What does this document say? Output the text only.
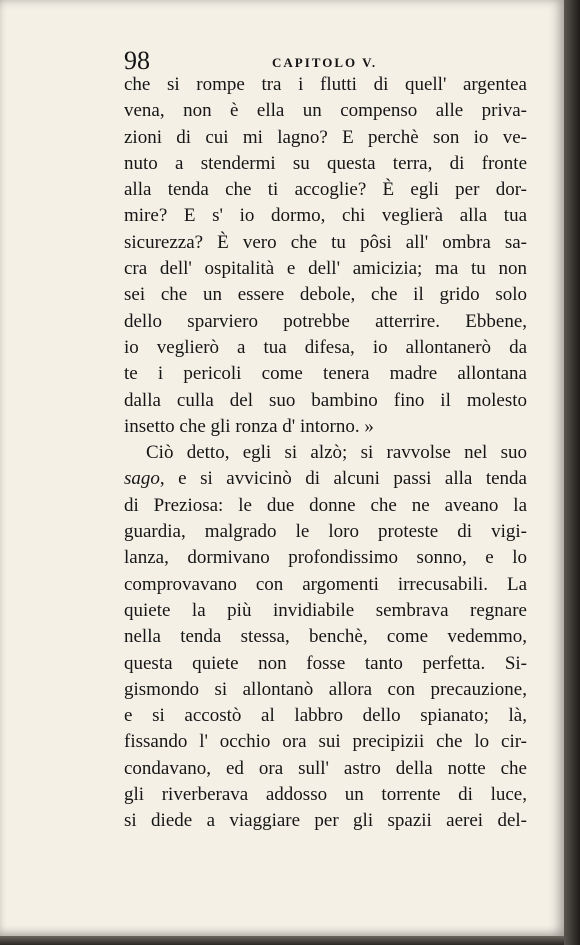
98	CAPITOLO V.
che si rompe tra i flutti di quell' argentea
vena, non è ella un compenso alle priva-
zioni di cui mi lagno? E perchè son io ve-
nuto a stendermi su questa terra, di fronte
alla tenda che ti accoglie? È egli per dor-
mire? E s' io dormo, chi veglierà alla tua
sicurezza? È vero che tu pôsi all' ombra sa-
cra dell' ospitalità e dell' amicizia; ma tu non
sei che un essere debole, che il grido solo
dello sparviero potrebbe atterrire. Ebbene,
io veglierò a tua difesa, io allontanerò da
te i pericoli come tenera madre allontana
dalla culla del suo bambino fino il molesto
insetto che gli ronza d' intorno. »
Ciò detto, egli si alzò; si ravvolse nel suo
sago, e si avvicinò di alcuni passi alla tenda
di Preziosa: le due donne che ne aveano la
guardia, malgrado le loro proteste di vigi-
lanza, dormivano profondissimo sonno, e lo
comprovavano con argomenti irrecusabili. La
quiete la più invidiabile sembrava regnare
nella tenda stessa, benchè, come vedemmo,
questa quiete non fosse tanto perfetta. Si-
gismondo si allontanò allora con precauzione,
e si accostò al labbro dello spianato; là,
fissando l' occhio ora sui precipizii che lo cir-
condavano, ed ora sull' astro della notte che
gli riverberava addosso un torrente di luce,
si diede a viaggiare per gli spazii aerei del-
